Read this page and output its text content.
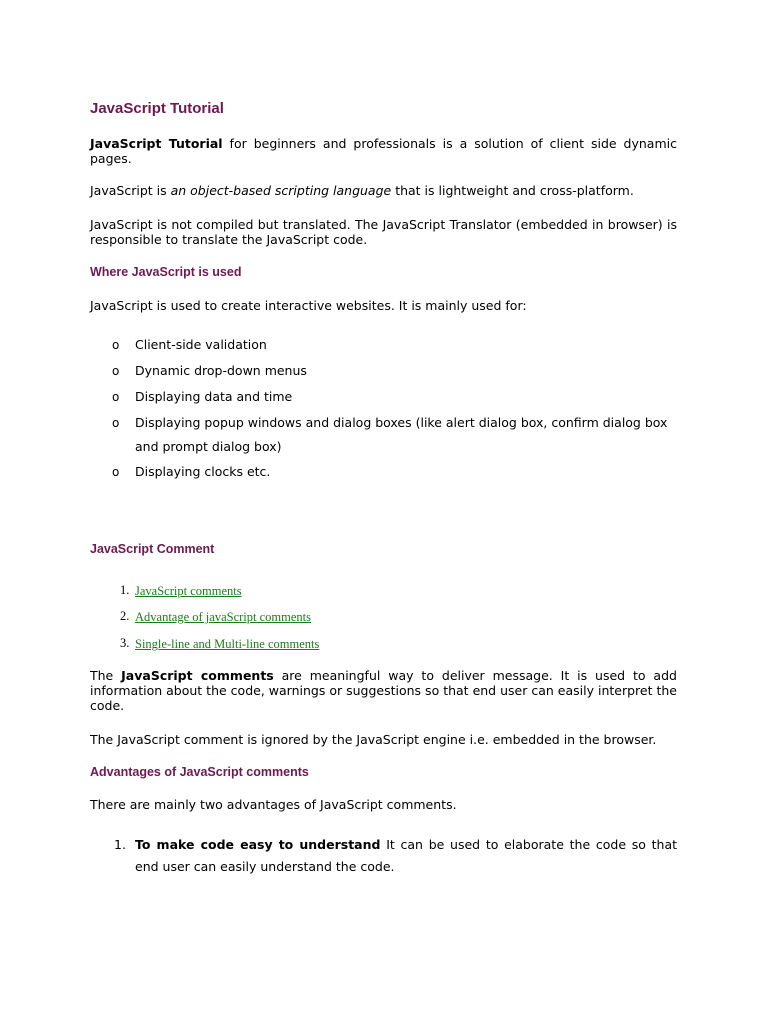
JavaScript Tutorial

JavaScript Tutorial for beginners and professionals is a solution of client side dynamic pages.

JavaScript is an object-based scripting language that is lightweight and cross-platform.

JavaScript is not compiled but translated. The JavaScript Translator (embedded in browser) is responsible to translate the JavaScript code.

Where JavaScript is used

JavaScript is used to create interactive websites. It is mainly used for:

o Client-side validation
o Dynamic drop-down menus
o Displaying data and time
o Displaying popup windows and dialog boxes (like alert dialog box, confirm dialog box and prompt dialog box)
o Displaying clocks etc.
JavaScript Comment
1. JavaScript comments
2. Advantage of javaScript comments
3. Single-line and Multi-line comments

The JavaScript comments are meaningful way to deliver message. It is used to add information about the code, warnings or suggestions so that end user can easily interpret the code.

The JavaScript comment is ignored by the JavaScript engine i.e. embedded in the browser.

Advantages of JavaScript comments

There are mainly two advantages of JavaScript comments.

1. To make code easy to understand It can be used to elaborate the code so that end user can easily understand the code.
